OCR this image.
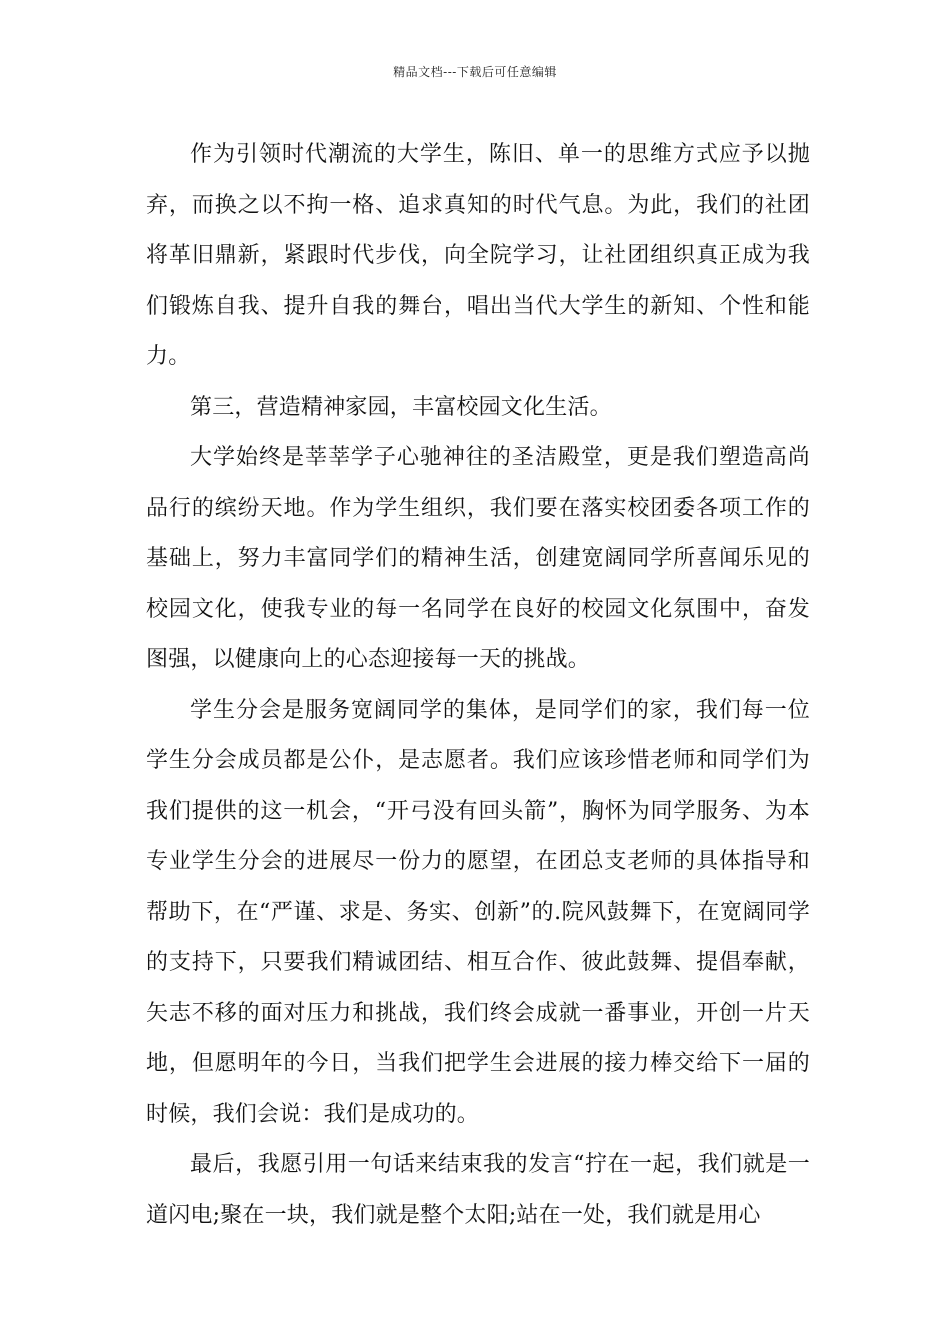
精品文档---下载后可任意编辑

作为引领时代潮流的大学生，陈旧、单一的思维方式应予以抛弃，而换之以不拘一格、追求真知的时代气息。为此，我们的社团将革旧鼎新，紧跟时代步伐，向全院学习，让社团组织真正成为我们锻炼自我、提升自我的舞台，唱出当代大学生的新知、个性和能力。

第三，营造精神家园，丰富校园文化生活。

大学始终是莘莘学子心驰神往的圣洁殿堂，更是我们塑造高尚品行的缤纷天地。作为学生组织，我们要在落实校团委各项工作的基础上，努力丰富同学们的精神生活，创建宽阔同学所喜闻乐见的校园文化，使我专业的每一名同学在良好的校园文化氛围中，奋发图强，以健康向上的心态迎接每一天的挑战。

学生分会是服务宽阔同学的集体，是同学们的家，我们每一位学生分会成员都是公仆，是志愿者。我们应该珍惜老师和同学们为我们提供的这一机会，“开弓没有回头箭”，胸怀为同学服务、为本专业学生分会的进展尽一份力的愿望，在团总支老师的具体指导和帮助下，在“严谨、求是、务实、创新”的.院风鼓舞下，在宽阔同学的支持下，只要我们精诚团结、相互合作、彼此鼓舞、提倡奉献，矢志不移的面对压力和挑战，我们终会成就一番事业，开创一片天地，但愿明年的今日，当我们把学生会进展的接力棒交给下一届的时候，我们会说：我们是成功的。

最后，我愿引用一句话来结束我的发言“拧在一起，我们就是一道闪电;聚在一块，我们就是整个太阳;站在一处，我们就是用心
